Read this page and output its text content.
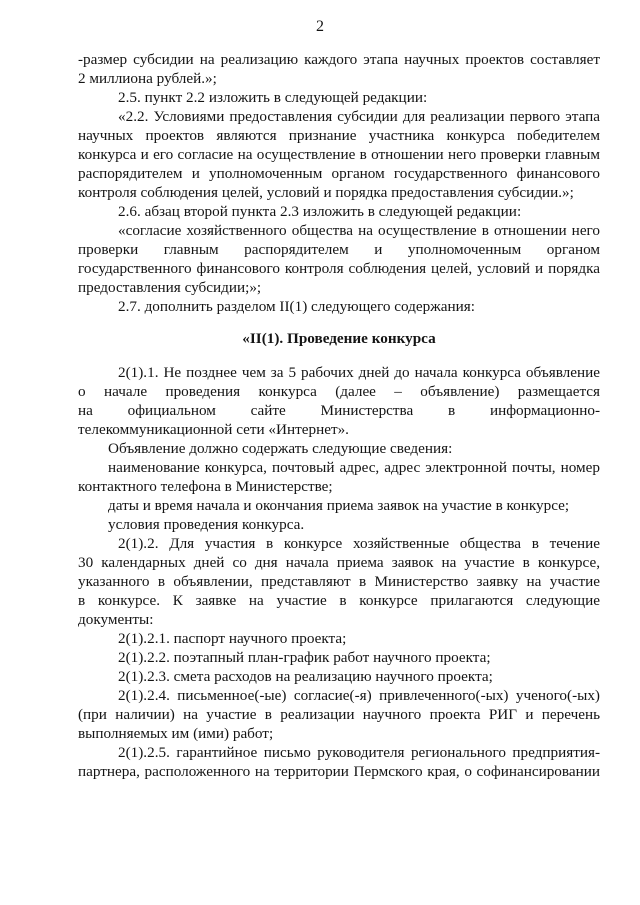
2
-размер субсидии на реализацию каждого этапа научных проектов составляет
2 миллиона рублей.»;
2.5. пункт 2.2 изложить в следующей редакции:
«2.2. Условиями предоставления субсидии для реализации первого этапа
научных проектов являются признание участника конкурса победителем
конкурса и его согласие на осуществление в отношении него проверки главным
распорядителем и уполномоченным органом государственного финансового
контроля соблюдения целей, условий и порядка предоставления субсидии.»;
2.6. абзац второй пункта 2.3 изложить в следующей редакции:
«согласие хозяйственного общества на осуществление в отношении него
проверки главным распорядителем и уполномоченным органом
государственного финансового контроля соблюдения целей, условий и порядка
предоставления субсидии;»;
2.7. дополнить разделом II(1) следующего содержания:
«II(1). Проведение конкурса
2(1).1. Не позднее чем за 5 рабочих дней до начала конкурса объявление
о начале проведения конкурса (далее – объявление) размещается
на официальном сайте Министерства в информационно-
телекоммуникационной сети «Интернет».
Объявление должно содержать следующие сведения:
наименование конкурса, почтовый адрес, адрес электронной почты, номер
контактного телефона в Министерстве;
даты и время начала и окончания приема заявок на участие в конкурсе;
условия проведения конкурса.
2(1).2. Для участия в конкурсе хозяйственные общества в течение
30 календарных дней со дня начала приема заявок на участие в конкурсе,
указанного в объявлении, представляют в Министерство заявку на участие
в конкурсе. К заявке на участие в конкурсе прилагаются следующие
документы:
2(1).2.1. паспорт научного проекта;
2(1).2.2. поэтапный план-график работ научного проекта;
2(1).2.3. смета расходов на реализацию научного проекта;
2(1).2.4. письменное(-ые) согласие(-я) привлеченного(-ых) ученого(-ых)
(при наличии) на участие в реализации научного проекта РИГ и перечень
выполняемых им (ими) работ;
2(1).2.5. гарантийное письмо руководителя регионального предприятия-
партнера, расположенного на территории Пермского края, о софинансировании
